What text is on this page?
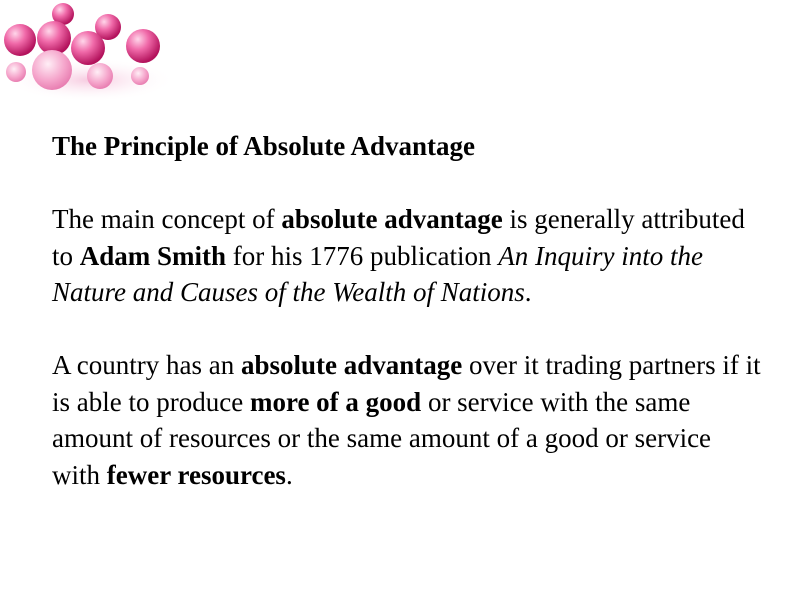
The Principle of Absolute Advantage

The main concept of absolute advantage is generally attributed to Adam Smith for his 1776 publication An Inquiry into the Nature and Causes of the Wealth of Nations.

A country has an absolute advantage over it trading partners if it is able to produce more of a good or service with the same amount of resources or the same amount of a good or service with fewer resources.
